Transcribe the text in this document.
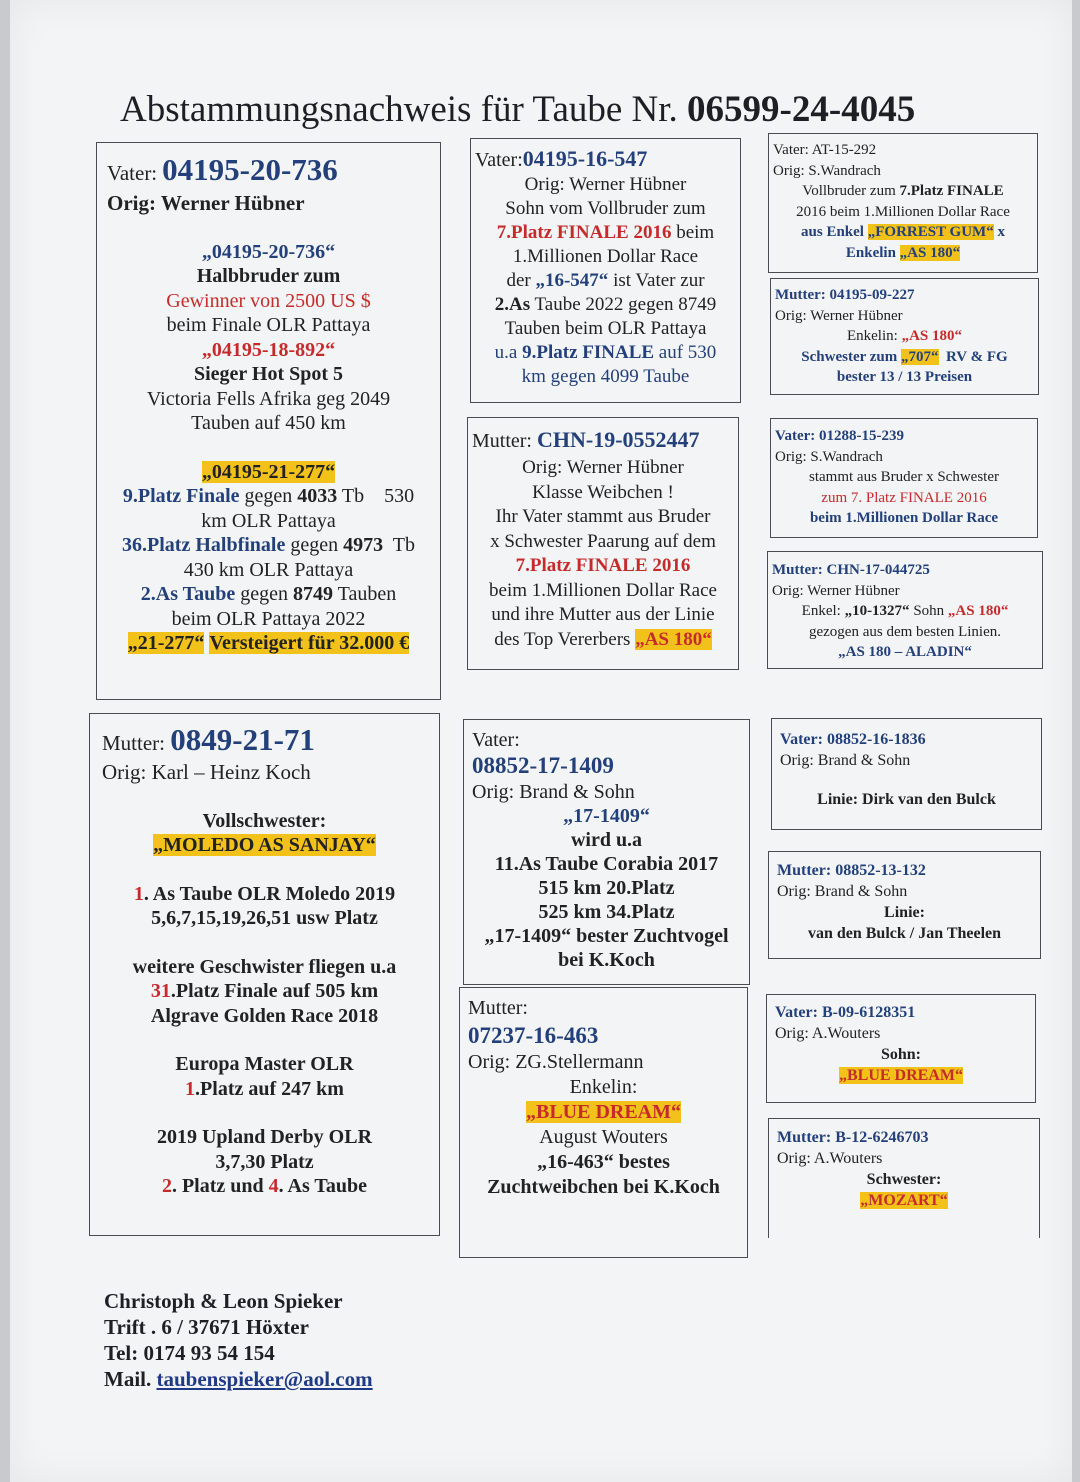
Abstammungsnachweis für Taube Nr. 06599-24-4045
Vater: 04195-20-736
Orig: Werner Hübner
„04195-20-736“
Halbbruder zum
Gewinner von 2500 US $
beim Finale OLR Pattaya
„04195-18-892“
Sieger Hot Spot 5
Victoria Fells Afrika geg 2049
Tauben auf 450 km
„04195-21-277“
9.Platz Finale gegen 4033 Tb    530
km OLR Pattaya
36.Platz Halbfinale gegen 4973  Tb
430 km OLR Pattaya
2.As Taube gegen 8749 Tauben
beim OLR Pattaya 2022
„21-277“ Versteigert für 32.000 €
Vater:04195-16-547
Orig: Werner Hübner
Sohn vom Vollbruder zum
7.Platz FINALE 2016 beim
1.Millionen Dollar Race
der „16-547“ ist Vater zur
2.As Taube 2022 gegen 8749
Tauben beim OLR Pattaya
u.a 9.Platz FINALE auf 530
km gegen 4099 Taube
Vater: AT-15-292
Orig: S.Wandrach
Vollbruder zum 7.Platz FINALE
2016 beim 1.Millionen Dollar Race
aus Enkel „FORREST GUM“ x
Enkelin „AS 180“
Mutter: 04195-09-227
Orig: Werner Hübner
Enkelin: „AS 180“
Schwester zum „707“  RV & FG
bester 13 / 13 Preisen
Mutter: CHN-19-0552447
Orig: Werner Hübner
Klasse Weibchen !
Ihr Vater stammt aus Bruder
x Schwester Paarung auf dem
7.Platz FINALE 2016
beim 1.Millionen Dollar Race
und ihre Mutter aus der Linie
des Top Vererbers „AS 180“
Vater: 01288-15-239
Orig: S.Wandrach
stammt aus Bruder x Schwester
zum 7. Platz FINALE 2016
beim 1.Millionen Dollar Race
Mutter: CHN-17-044725
Orig: Werner Hübner
Enkel: „10-1327“ Sohn „AS 180“
gezogen aus dem besten Linien.
„AS 180 – ALADIN“
Mutter: 0849-21-71
Orig: Karl – Heinz Koch
Vollschwester:
„MOLEDO AS SANJAY“
1. As Taube OLR Moledo 2019
5,6,7,15,19,26,51 usw Platz
weitere Geschwister fliegen u.a
31.Platz Finale auf 505 km
Algrave Golden Race 2018
Europa Master OLR
1.Platz auf 247 km
2019 Upland Derby OLR
3,7,30 Platz
2. Platz und 4. As Taube
Vater:
08852-17-1409
Orig: Brand & Sohn
„17-1409“
wird u.a
11.As Taube Corabia 2017
515 km 20.Platz
525 km 34.Platz
„17-1409“ bester Zuchtvogel
bei K.Koch
Vater: 08852-16-1836
Orig: Brand & Sohn
Linie: Dirk van den Bulck
Mutter: 08852-13-132
Orig: Brand & Sohn
Linie:
van den Bulck / Jan Theelen
Mutter:
07237-16-463
Orig: ZG.Stellermann
Enkelin:
„BLUE DREAM“
August Wouters
„16-463“ bestes
Zuchtweibchen bei K.Koch
Vater: B-09-6128351
Orig: A.Wouters
Sohn:
„BLUE DREAM“
Mutter: B-12-6246703
Orig: A.Wouters
Schwester:
„MOZART“
Christoph & Leon Spieker
Trift . 6 / 37671 Höxter
Tel: 0174 93 54 154
Mail. taubenspieker@aol.com
